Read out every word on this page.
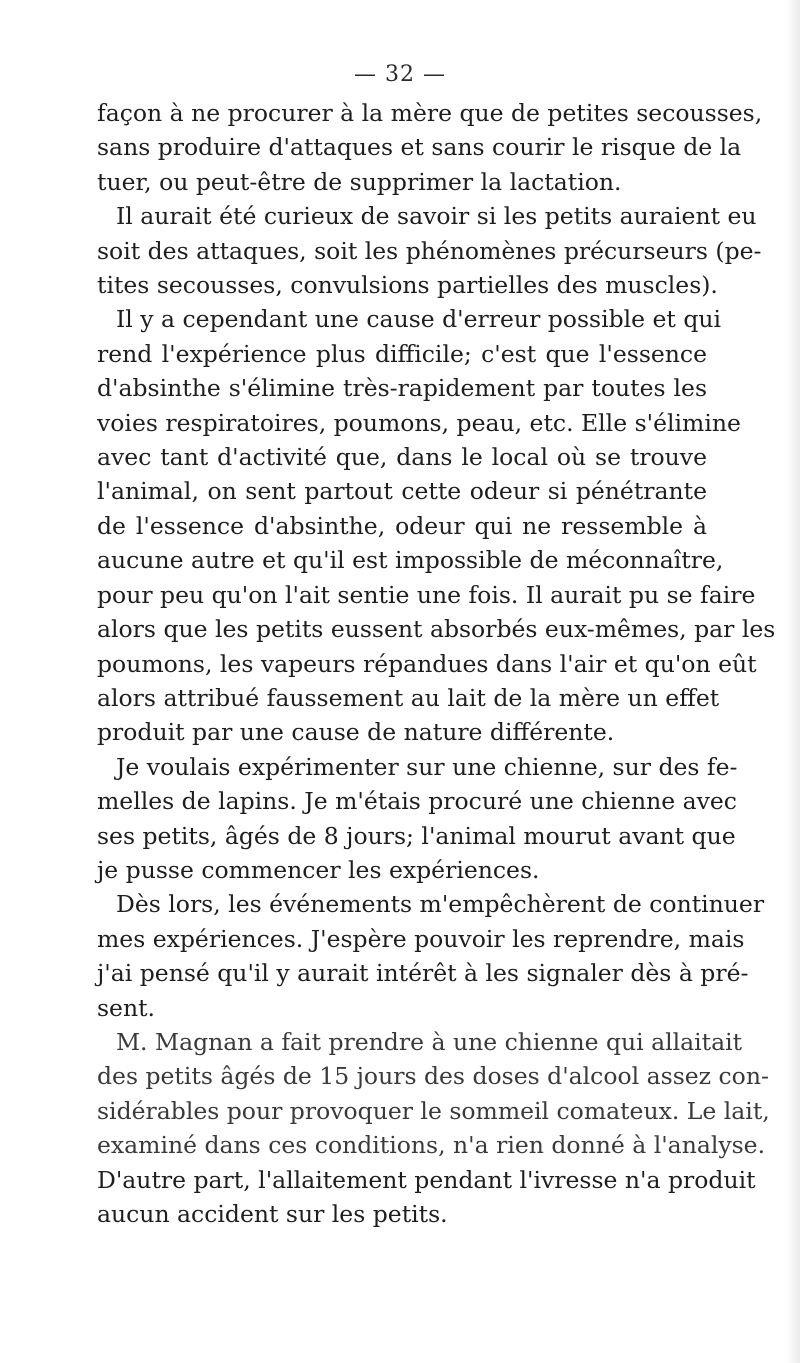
— 32 —
façon à ne procurer à la mère que de petites secousses,
sans produire d'attaques et sans courir le risque de la
tuer, ou peut-être de supprimer la lactation.
Il aurait été curieux de savoir si les petits auraient eu
soit des attaques, soit les phénomènes précurseurs (pe-
tites secousses, convulsions partielles des muscles).
Il y a cependant une cause d'erreur possible et qui
rend l'expérience plus difficile; c'est que l'essence
d'absinthe s'élimine très-rapidement par toutes les
voies respiratoires, poumons, peau, etc. Elle s'élimine
avec tant d'activité que, dans le local où se trouve
l'animal, on sent partout cette odeur si pénétrante
de l'essence d'absinthe, odeur qui ne ressemble à
aucune autre et qu'il est impossible de méconnaître,
pour peu qu'on l'ait sentie une fois. Il aurait pu se faire
alors que les petits eussent absorbés eux-mêmes, par les
poumons, les vapeurs répandues dans l'air et qu'on eût
alors attribué faussement au lait de la mère un effet
produit par une cause de nature différente.
Je voulais expérimenter sur une chienne, sur des fe-
melles de lapins. Je m'étais procuré une chienne avec
ses petits, âgés de 8 jours; l'animal mourut avant que
je pusse commencer les expériences.
Dès lors, les événements m'empêchèrent de continuer
mes expériences. J'espère pouvoir les reprendre, mais
j'ai pensé qu'il y aurait intérêt à les signaler dès à pré-
sent.
M. Magnan a fait prendre à une chienne qui allaitait
des petits âgés de 15 jours des doses d'alcool assez con-
sidérables pour provoquer le sommeil comateux. Le lait,
examiné dans ces conditions, n'a rien donné à l'analyse.
D'autre part, l'allaitement pendant l'ivresse n'a produit
aucun accident sur les petits.
